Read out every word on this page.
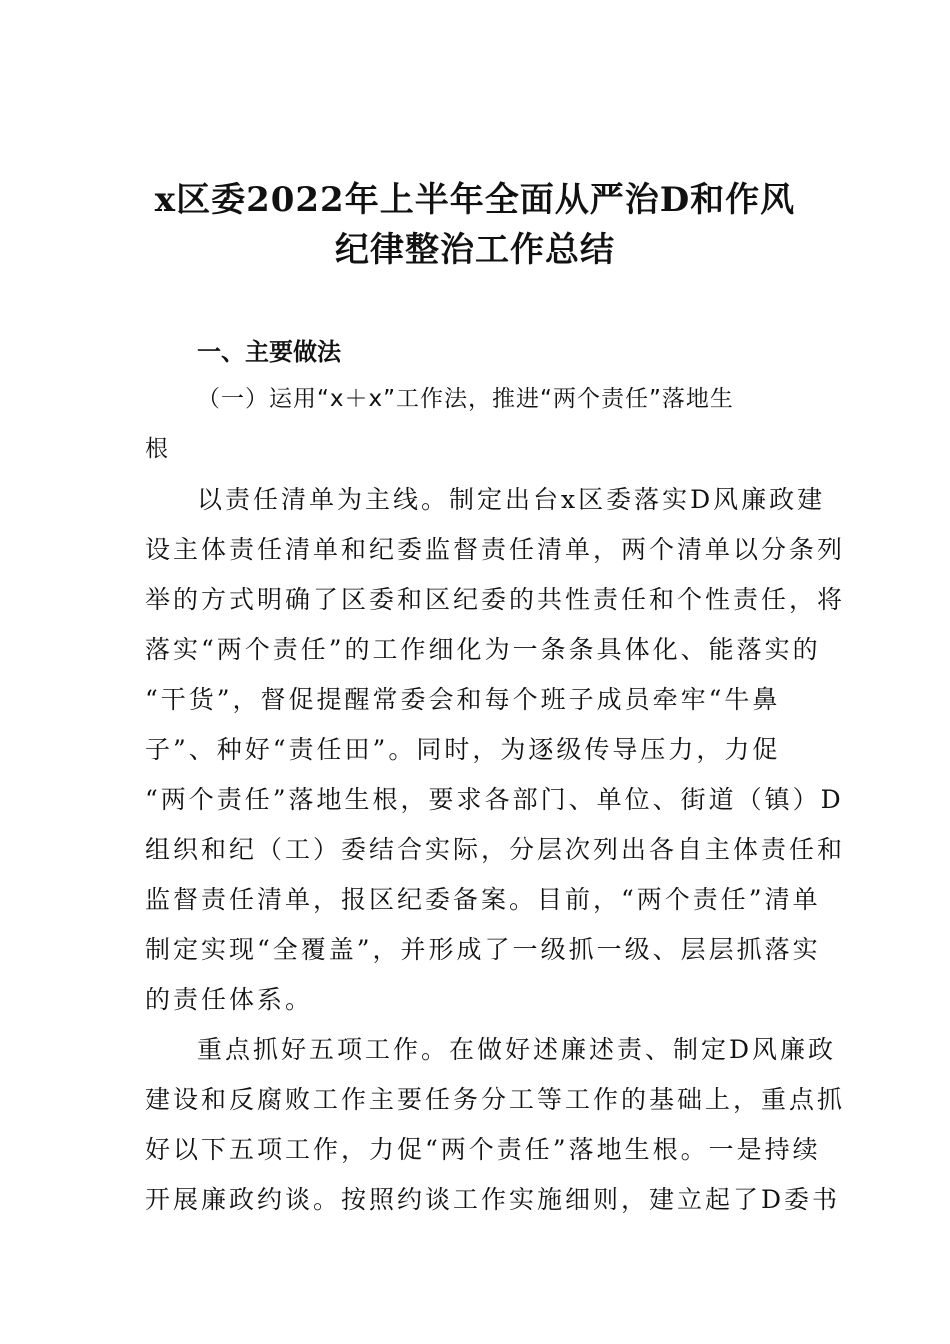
x区委2022年上半年全面从严治D和作风
纪律整治工作总结
一、主要做法
（一）运用“x＋x”工作法，推进“两个责任”落地生
根
以责任清单为主线。制定出台x区委落实D风廉政建
设主体责任清单和纪委监督责任清单，两个清单以分条列
举的方式明确了区委和区纪委的共性责任和个性责任，将
落实“两个责任”的工作细化为一条条具体化、能落实的
“干货”，督促提醒常委会和每个班子成员牵牢“牛鼻
子”、种好“责任田”。同时，为逐级传导压力，力促
“两个责任”落地生根，要求各部门、单位、街道（镇）D
组织和纪（工）委结合实际，分层次列出各自主体责任和
监督责任清单，报区纪委备案。目前，“两个责任”清单
制定实现“全覆盖”，并形成了一级抓一级、层层抓落实
的责任体系。
重点抓好五项工作。在做好述廉述责、制定D风廉政
建设和反腐败工作主要任务分工等工作的基础上，重点抓
好以下五项工作，力促“两个责任”落地生根。一是持续
开展廉政约谈。按照约谈工作实施细则，建立起了D委书
